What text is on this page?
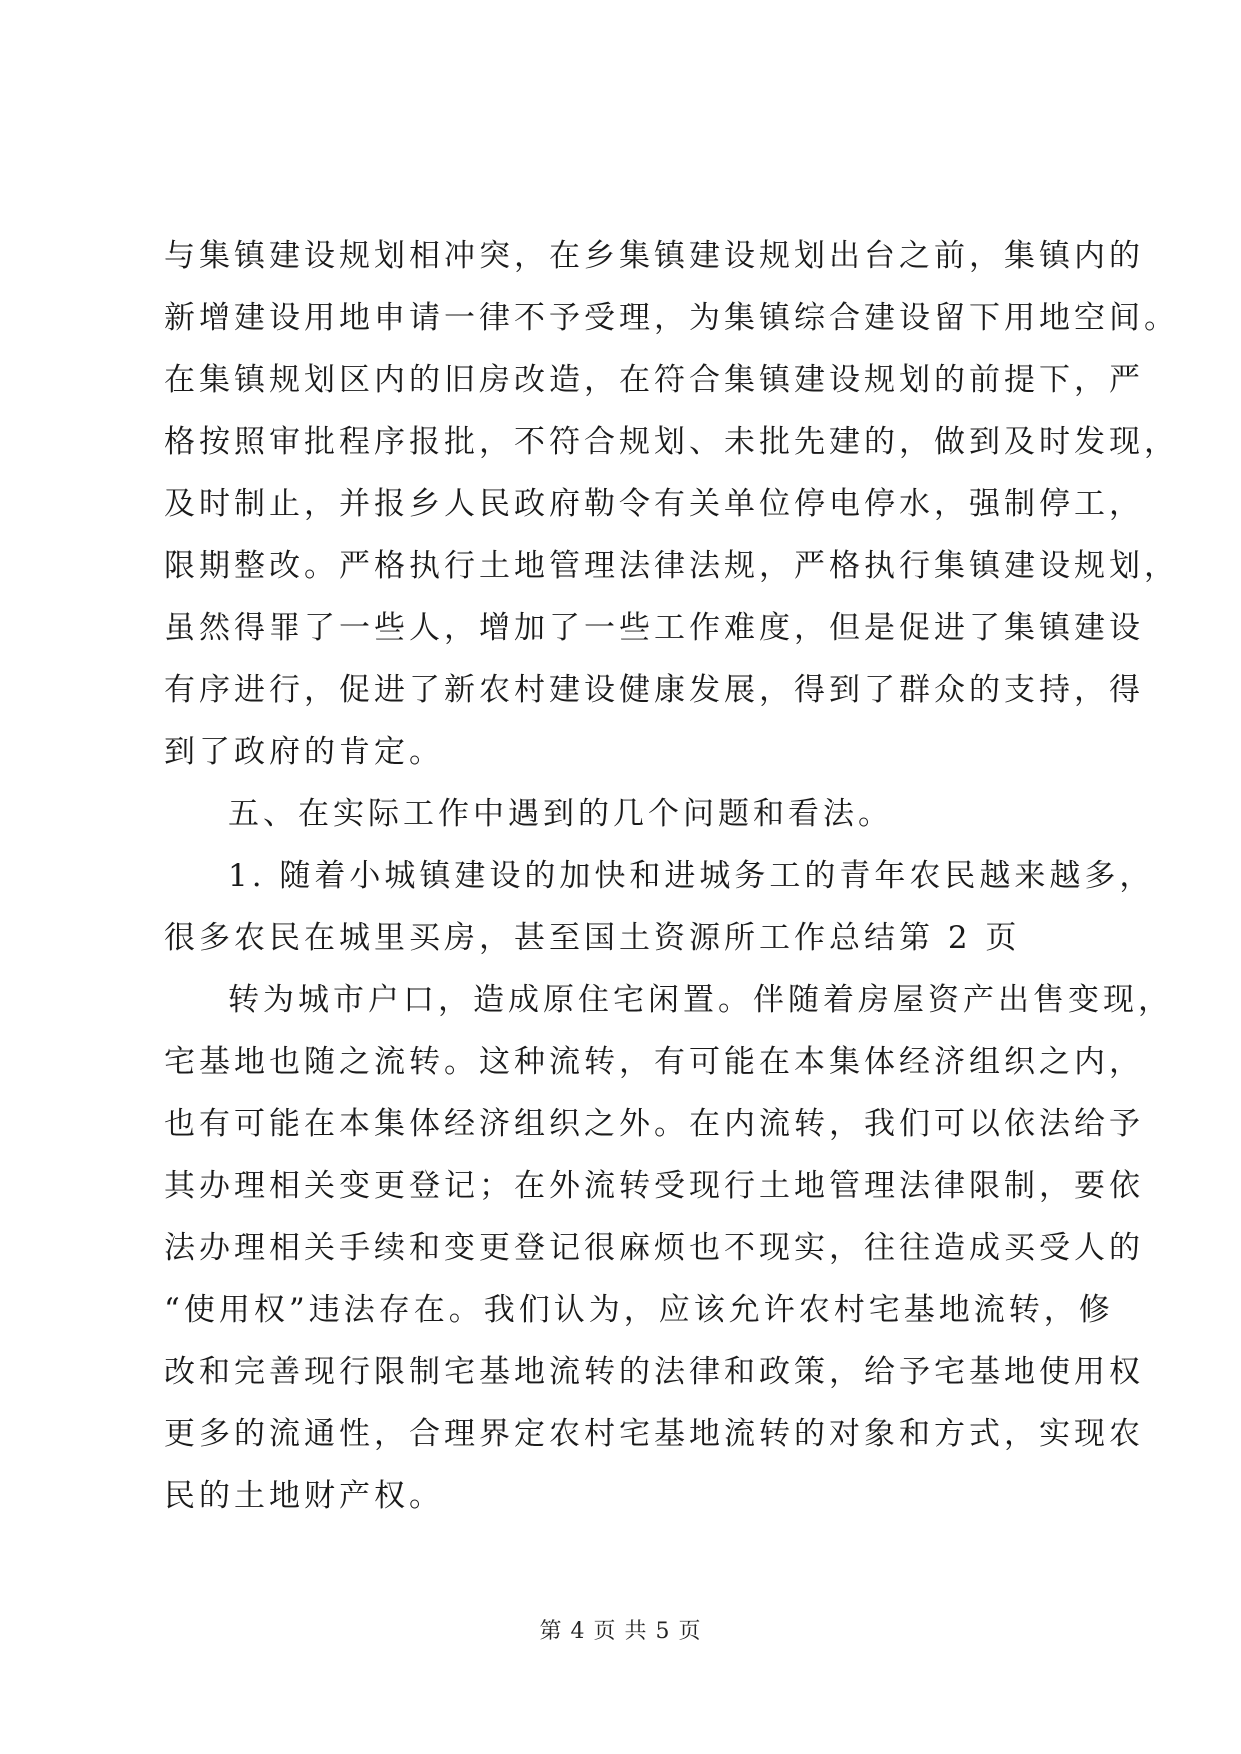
与集镇建设规划相冲突，在乡集镇建设规划出台之前，集镇内的
新增建设用地申请一律不予受理，为集镇综合建设留下用地空间。
在集镇规划区内的旧房改造，在符合集镇建设规划的前提下，严
格按照审批程序报批，不符合规划、未批先建的，做到及时发现，
及时制止，并报乡人民政府勒令有关单位停电停水，强制停工，
限期整改。严格执行土地管理法律法规，严格执行集镇建设规划，
虽然得罪了一些人，增加了一些工作难度，但是促进了集镇建设
有序进行，促进了新农村建设健康发展，得到了群众的支持，得
到了政府的肯定。
五、在实际工作中遇到的几个问题和看法。
1. 随着小城镇建设的加快和进城务工的青年农民越来越多，
很多农民在城里买房，甚至国土资源所工作总结第 2 页
转为城市户口，造成原住宅闲置。伴随着房屋资产出售变现，
宅基地也随之流转。这种流转，有可能在本集体经济组织之内，
也有可能在本集体经济组织之外。在内流转，我们可以依法给予
其办理相关变更登记；在外流转受现行土地管理法律限制，要依
法办理相关手续和变更登记很麻烦也不现实，往往造成买受人的
“使用权”违法存在。我们认为，应该允许农村宅基地流转，修
改和完善现行限制宅基地流转的法律和政策，给予宅基地使用权
更多的流通性，合理界定农村宅基地流转的对象和方式，实现农
民的土地财产权。
第 4 页 共 5 页
